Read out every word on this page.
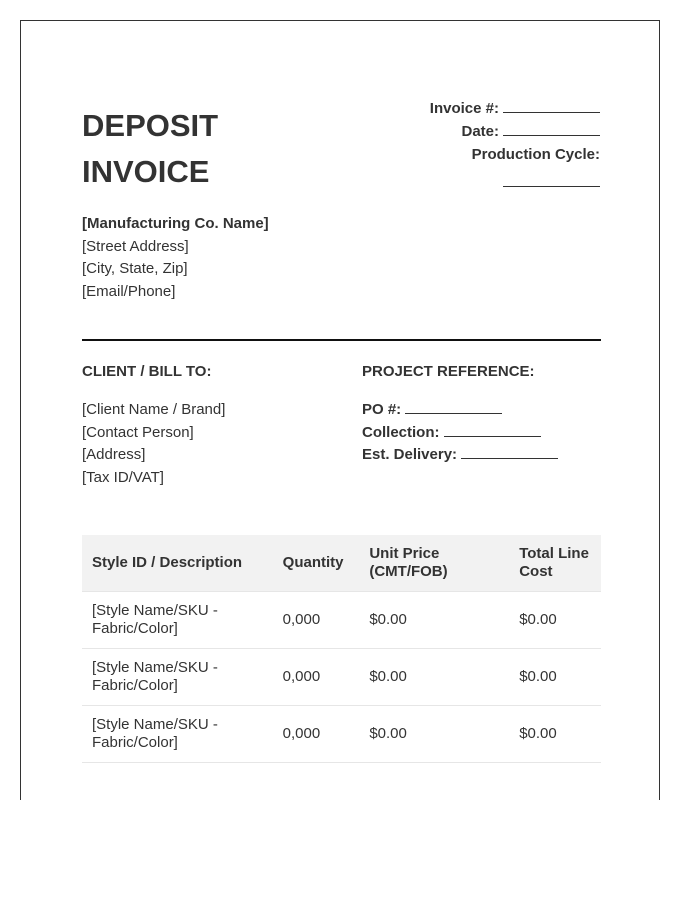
DEPOSIT
INVOICE
Invoice #:
Date:
Production Cycle:
[Manufacturing Co. Name]
[Street Address]
[City, State, Zip]
[Email/Phone]
CLIENT / BILL TO:	PROJECT REFERENCE:
[Client Name / Brand]
[Contact Person]
[Address]
[Tax ID/VAT]
PO #:
Collection:
Est. Delivery:
Style ID / Description	Quantity	Unit Price (CMT/FOB)	Total Line Cost
[Style Name/SKU - Fabric/Color]	0,000	$0.00	$0.00
[Style Name/SKU - Fabric/Color]	0,000	$0.00	$0.00
[Style Name/SKU - Fabric/Color]	0,000	$0.00	$0.00
